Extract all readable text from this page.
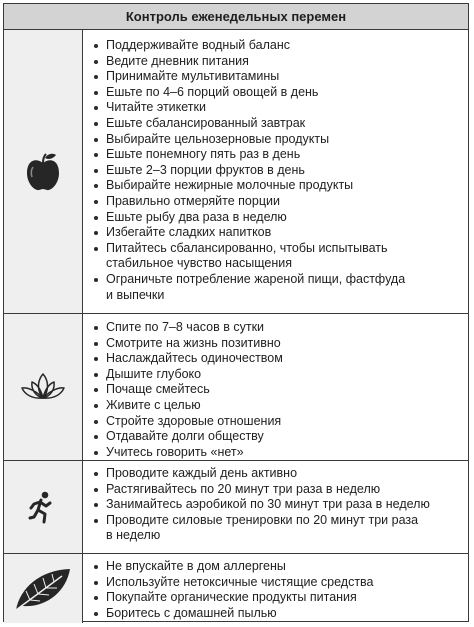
Контроль еженедельных перемен
Поддерживайте водный баланс
Ведите дневник питания
Принимайте мультивитамины
Ешьте по 4–6 порций овощей в день
Читайте этикетки
Ешьте сбалансированный завтрак
Выбирайте цельнозерновые продукты
Ешьте понемногу пять раз в день
Ешьте 2–3 порции фруктов в день
Выбирайте нежирные молочные продукты
Правильно отмеряйте порции
Ешьте рыбу два раза в неделю
Избегайте сладких напитков
Питайтесь сбалансированно, чтобы испытывать
стабильное чувство насыщения
Ограничьте потребление жареной пищи, фастфуда
и выпечки
Спите по 7–8 часов в сутки
Смотрите на жизнь позитивно
Наслаждайтесь одиночеством
Дышите глубоко
Почаще смейтесь
Живите с целью
Стройте здоровые отношения
Отдавайте долги обществу
Учитесь говорить «нет»
Проводите каждый день активно
Растягивайтесь по 20 минут три раза в неделю
Занимайтесь аэробикой по 30 минут три раза в неделю
Проводите силовые тренировки по 20 минут три раза
в неделю
Не впускайте в дом аллергены
Используйте нетоксичные чистящие средства
Покупайте органические продукты питания
Боритесь с домашней пылью
